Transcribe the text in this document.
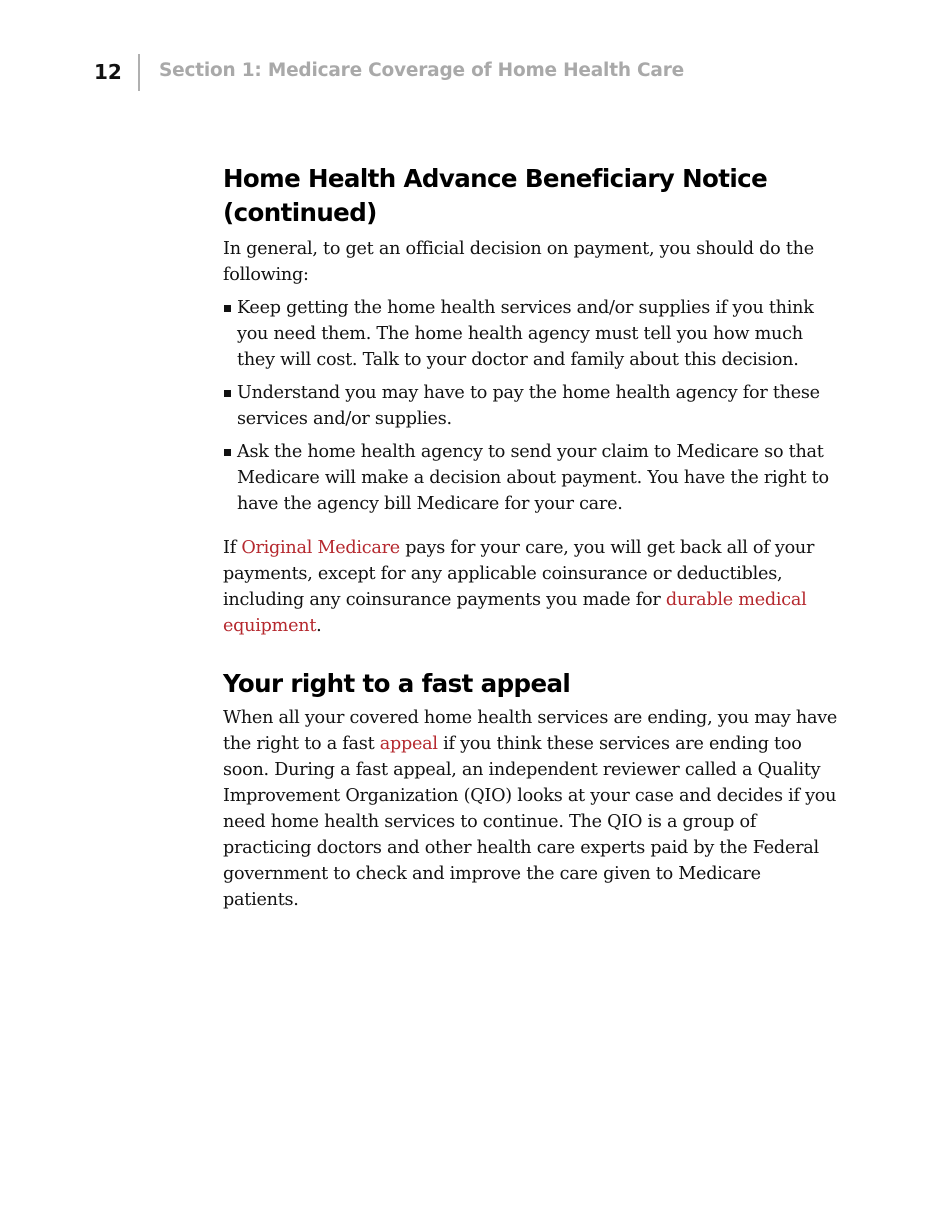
12 Section 1: Medicare Coverage of Home Health Care
Home Health Advance Beneficiary Notice (continued)

In general, to get an official decision on payment, you should do the following:

Keep getting the home health services and/or supplies if you think you need them. The home health agency must tell you how much they will cost. Talk to your doctor and family about this decision.
Understand you may have to pay the home health agency for these services and/or supplies.
Ask the home health agency to send your claim to Medicare so that Medicare will make a decision about payment. You have the right to have the agency bill Medicare for your care.

If Original Medicare pays for your care, you will get back all of your payments, except for any applicable coinsurance or deductibles, including any coinsurance payments you made for durable medical equipment.

Your right to a fast appeal

When all your covered home health services are ending, you may have the right to a fast appeal if you think these services are ending too soon. During a fast appeal, an independent reviewer called a Quality Improvement Organization (QIO) looks at your case and decides if you need home health services to continue. The QIO is a group of practicing doctors and other health care experts paid by the Federal government to check and improve the care given to Medicare patients.
